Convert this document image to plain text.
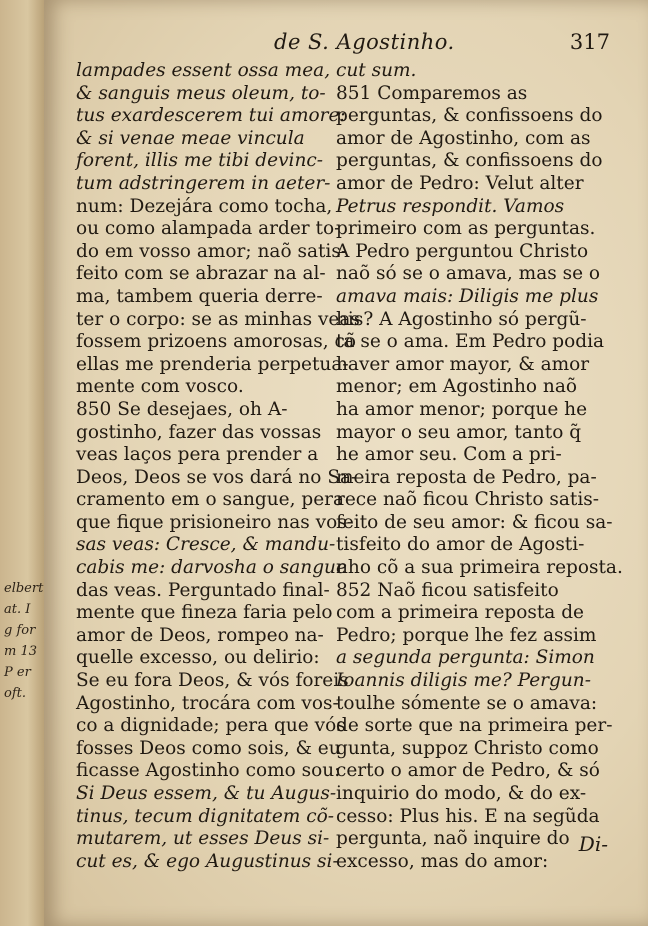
elbert
at. I
g for
m 13
P er
oft.
de S. Agostinho.	317
lampades essent ossa mea,
& sanguis meus oleum, to-
tus exardescerem tui amore:
& si venae meae vincula
forent, illis me tibi devinc-
tum adstringerem in aeter-
num: Dezejára como tocha,
ou como alampada arder to-
do em vosso amor; naõ satis-
feito com se abrazar na al-
ma, tambem queria derre-
ter o corpo: se as minhas veas
fossem prizoens amorosas, cõ
ellas me prenderia perpetua-
mente com vosco.
850 Se desejaes, oh A-
gostinho, fazer das vossas
veas laços pera prender a
Deos, Deos se vos dará no Sa-
cramento em o sangue, pera
que fique prisioneiro nas vos-
sas veas: Cresce, & mandu-
cabis me: darvosha o sangue
das veas. Perguntado final-
mente que fineza faria pelo
amor de Deos, rompeo na-
quelle excesso, ou delirio:
Se eu fora Deos, & vós foreis
Agostinho, trocára com vos-
co a dignidade; pera que vós
fosses Deos como sois, & eu
ficasse Agostinho como sou:
Si Deus essem, & tu Augus-
tinus, tecum dignitatem cõ-
mutarem, ut esses Deus si-
cut es, & ego Augustinus si-
cut sum.
851 Comparemos as
perguntas, & confissoens do
amor de Agostinho, com as
perguntas, & confissoens do
amor de Pedro: Velut alter
Petrus respondit. Vamos
primeiro com as perguntas.
A Pedro perguntou Christo
naõ só se o amava, mas se o
amava mais: Diligis me plus
his? A Agostinho só pergũ-
ta se o ama. Em Pedro podia
haver amor mayor, & amor
menor; em Agostinho naõ
ha amor menor; porque he
mayor o seu amor, tanto q̃
he amor seu. Com a pri-
meira reposta de Pedro, pa-
rece naõ ficou Christo satis-
feito de seu amor: & ficou sa-
tisfeito do amor de Agosti-
nho cõ a sua primeira reposta.
852 Naõ ficou satisfeito
com a primeira reposta de
Pedro; porque lhe fez assim
a segunda pergunta: Simon
Ioannis diligis me? Pergun-
toulhe sómente se o amava:
de sorte que na primeira per-
gunta, suppoz Christo como
certo o amor de Pedro, & só
inquirio do modo, & do ex-
cesso: Plus his. E na segũda
pergunta, naõ inquire do
excesso, mas do amor:
Di-
